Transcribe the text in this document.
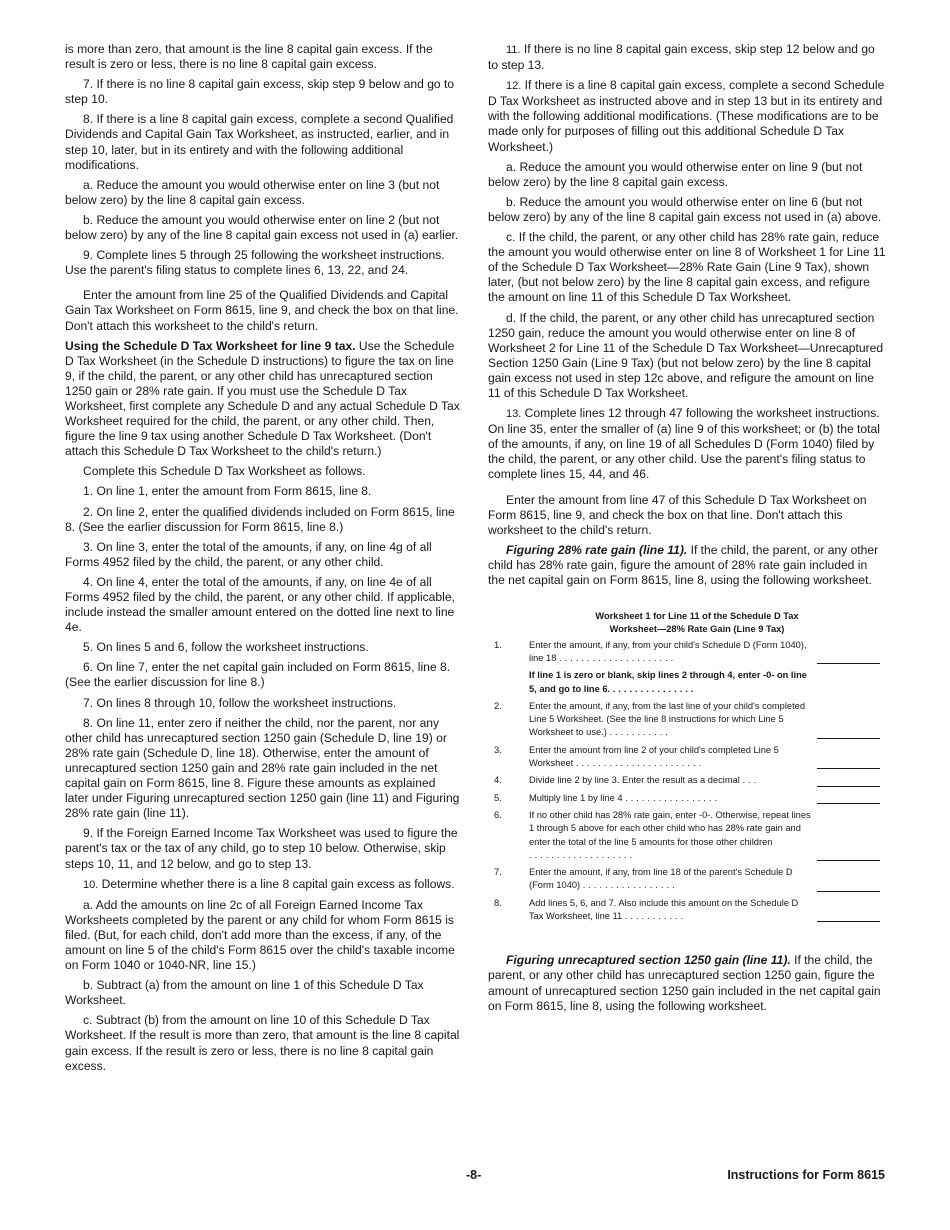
is more than zero, that amount is the line 8 capital gain excess. If the result is zero or less, there is no line 8 capital gain excess.

7. If there is no line 8 capital gain excess, skip step 9 below and go to step 10.

8. If there is a line 8 capital gain excess, complete a second Qualified Dividends and Capital Gain Tax Worksheet, as instructed, earlier, and in step 10, later, but in its entirety and with the following additional modifications.

a. Reduce the amount you would otherwise enter on line 3 (but not below zero) by the line 8 capital gain excess.

b. Reduce the amount you would otherwise enter on line 2 (but not below zero) by any of the line 8 capital gain excess not used in (a) earlier.

9. Complete lines 5 through 25 following the worksheet instructions. Use the parent's filing status to complete lines 6, 13, 22, and 24.

Enter the amount from line 25 of the Qualified Dividends and Capital Gain Tax Worksheet on Form 8615, line 9, and check the box on that line. Don't attach this worksheet to the child's return.

Using the Schedule D Tax Worksheet for line 9 tax. Use the Schedule D Tax Worksheet (in the Schedule D instructions) to figure the tax on line 9, if the child, the parent, or any other child has unrecaptured section 1250 gain or 28% rate gain. If you must use the Schedule D Tax Worksheet, first complete any Schedule D and any actual Schedule D Tax Worksheet required for the child, the parent, or any other child. Then, figure the line 9 tax using another Schedule D Tax Worksheet. (Don't attach this Schedule D Tax Worksheet to the child's return.)

Complete this Schedule D Tax Worksheet as follows.

1. On line 1, enter the amount from Form 8615, line 8.

2. On line 2, enter the qualified dividends included on Form 8615, line 8. (See the earlier discussion for Form 8615, line 8.)

3. On line 3, enter the total of the amounts, if any, on line 4g of all Forms 4952 filed by the child, the parent, or any other child.

4. On line 4, enter the total of the amounts, if any, on line 4e of all Forms 4952 filed by the child, the parent, or any other child. If applicable, include instead the smaller amount entered on the dotted line next to line 4e.

5. On lines 5 and 6, follow the worksheet instructions.

6. On line 7, enter the net capital gain included on Form 8615, line 8. (See the earlier discussion for line 8.)

7. On lines 8 through 10, follow the worksheet instructions.

8. On line 11, enter zero if neither the child, nor the parent, nor any other child has unrecaptured section 1250 gain (Schedule D, line 19) or 28% rate gain (Schedule D, line 18). Otherwise, enter the amount of unrecaptured section 1250 gain and 28% rate gain included in the net capital gain on Form 8615, line 8. Figure these amounts as explained later under Figuring unrecaptured section 1250 gain (line 11) and Figuring 28% rate gain (line 11).

9. If the Foreign Earned Income Tax Worksheet was used to figure the parent's tax or the tax of any child, go to step 10 below. Otherwise, skip steps 10, 11, and 12 below, and go to step 13.

10. Determine whether there is a line 8 capital gain excess as follows.

a. Add the amounts on line 2c of all Foreign Earned Income Tax Worksheets completed by the parent or any child for whom Form 8615 is filed. (But, for each child, don't add more than the excess, if any, of the amount on line 5 of the child's Form 8615 over the child's taxable income on Form 1040 or 1040-NR, line 15.)

b. Subtract (a) from the amount on line 1 of this Schedule D Tax Worksheet.

c. Subtract (b) from the amount on line 10 of this Schedule D Tax Worksheet. If the result is more than zero, that amount is the line 8 capital gain excess. If the result is zero or less, there is no line 8 capital gain excess.

11. If there is no line 8 capital gain excess, skip step 12 below and go to step 13.

12. If there is a line 8 capital gain excess, complete a second Schedule D Tax Worksheet as instructed above and in step 13 but in its entirety and with the following additional modifications. (These modifications are to be made only for purposes of filling out this additional Schedule D Tax Worksheet.)

a. Reduce the amount you would otherwise enter on line 9 (but not below zero) by the line 8 capital gain excess.

b. Reduce the amount you would otherwise enter on line 6 (but not below zero) by any of the line 8 capital gain excess not used in (a) above.

c. If the child, the parent, or any other child has 28% rate gain, reduce the amount you would otherwise enter on line 8 of Worksheet 1 for Line 11 of the Schedule D Tax Worksheet—28% Rate Gain (Line 9 Tax), shown later, (but not below zero) by the line 8 capital gain excess, and refigure the amount on line 11 of this Schedule D Tax Worksheet.

d. If the child, the parent, or any other child has unrecaptured section 1250 gain, reduce the amount you would otherwise enter on line 8 of Worksheet 2 for Line 11 of the Schedule D Tax Worksheet—Unrecaptured Section 1250 Gain (Line 9 Tax) (but not below zero) by the line 8 capital gain excess not used in step 12c above, and refigure the amount on line 11 of this Schedule D Tax Worksheet.

13. Complete lines 12 through 47 following the worksheet instructions. On line 35, enter the smaller of (a) line 9 of this worksheet; or (b) the total of the amounts, if any, on line 19 of all Schedules D (Form 1040) filed by the child, the parent, or any other child. Use the parent's filing status to complete lines 15, 44, and 46.

Enter the amount from line 47 of this Schedule D Tax Worksheet on Form 8615, line 9, and check the box on that line. Don't attach this worksheet to the child's return.

Figuring 28% rate gain (line 11). If the child, the parent, or any other child has 28% rate gain, figure the amount of 28% rate gain included in the net capital gain on Form 8615, line 8, using the following worksheet.

Worksheet 1 for Line 11 of the Schedule D Tax
Worksheet—28% Rate Gain (Line 9 Tax)
1.	Enter the amount, if any, from your child's Schedule D (Form 1040), line 18 .....................
If line 1 is zero or blank, skip lines 2 through 4, enter -0- on line 5, and go to line 6. ...............
2.	Enter the amount, if any, from the last line of your child's completed Line 5 Worksheet. (See the line 8 instructions for which Line 5 Worksheet to use.) ...........
3.	Enter the amount from line 2 of your child's completed Line 5 Worksheet .......................
4.	Divide line 2 by line 3. Enter the result as a decimal ...
5.	Multiply line 1 by line 4 .................
6.	If no other child has 28% rate gain, enter -0-. Otherwise, repeat lines 1 through 5 above for each other child who has 28% rate gain and enter the total of the line 5 amounts for those other children ...................
7.	Enter the amount, if any, from line 18 of the parent's Schedule D (Form 1040) .................
8.	Add lines 5, 6, and 7. Also include this amount on the Schedule D Tax Worksheet, line 11 ...........

Figuring unrecaptured section 1250 gain (line 11). If the child, the parent, or any other child has unrecaptured section 1250 gain, figure the amount of unrecaptured section 1250 gain included in the net capital gain on Form 8615, line 8, using the following worksheet.

-8-	Instructions for Form 8615
